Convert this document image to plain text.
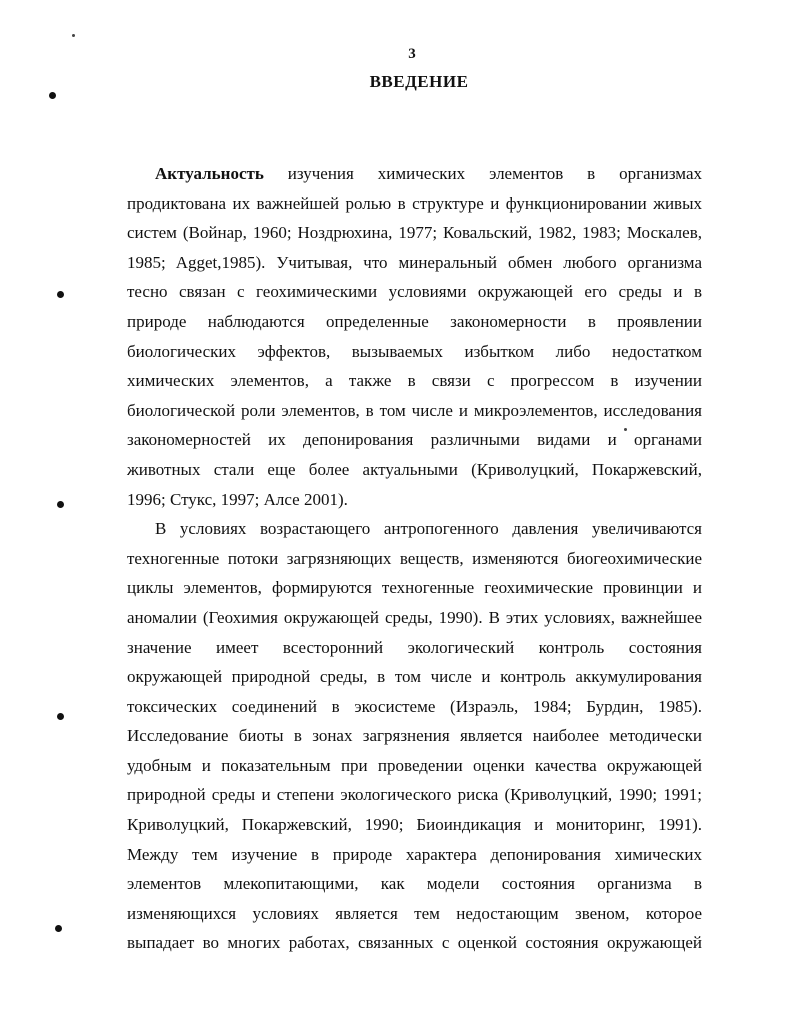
3
ВВЕДЕНИЕ
Актуальность изучения химических элементов в организмах
продиктована их важнейшей ролью в структуре и функционировании живых
систем (Войнар, 1960; Ноздрюхина, 1977; Ковальский, 1982, 1983; Москалев,
1985; Agget,1985). Учитывая, что минеральный обмен любого организма
тесно связан с геохимическими условиями окружающей его среды и в
природе наблюдаются определенные закономерности в проявлении
биологических эффектов, вызываемых избытком либо недостатком
химических элементов, а также в связи с прогрессом в изучении
биологической роли элементов, в том числе и микроэлементов, исследования
закономерностей их депонирования различными видами и органами
животных стали еще более актуальными (Криволуцкий, Покаржевский,
1996; Стукс, 1997; Алсе 2001).
В условиях возрастающего антропогенного давления увеличиваются
техногенные потоки загрязняющих веществ, изменяются биогеохимические
циклы элементов, формируются техногенные геохимические провинции и
аномалии (Геохимия окружающей среды, 1990). В этих условиях, важнейшее
значение имеет всесторонний экологический контроль состояния
окружающей природной среды, в том числе и контроль аккумулирования
токсических соединений в экосистеме (Израэль, 1984; Бурдин, 1985).
Исследование биоты в зонах загрязнения является наиболее методически
удобным и показательным при проведении оценки качества окружающей
природной среды и степени экологического риска (Криволуцкий, 1990; 1991;
Криволуцкий, Покаржевский, 1990; Биоиндикация и мониторинг, 1991).
Между тем изучение в природе характера депонирования химических
элементов млекопитающими, как модели состояния организма в
изменяющихся условиях является тем недостающим звеном, которое
выпадает во многих работах, связанных с оценкой состояния окружающей
